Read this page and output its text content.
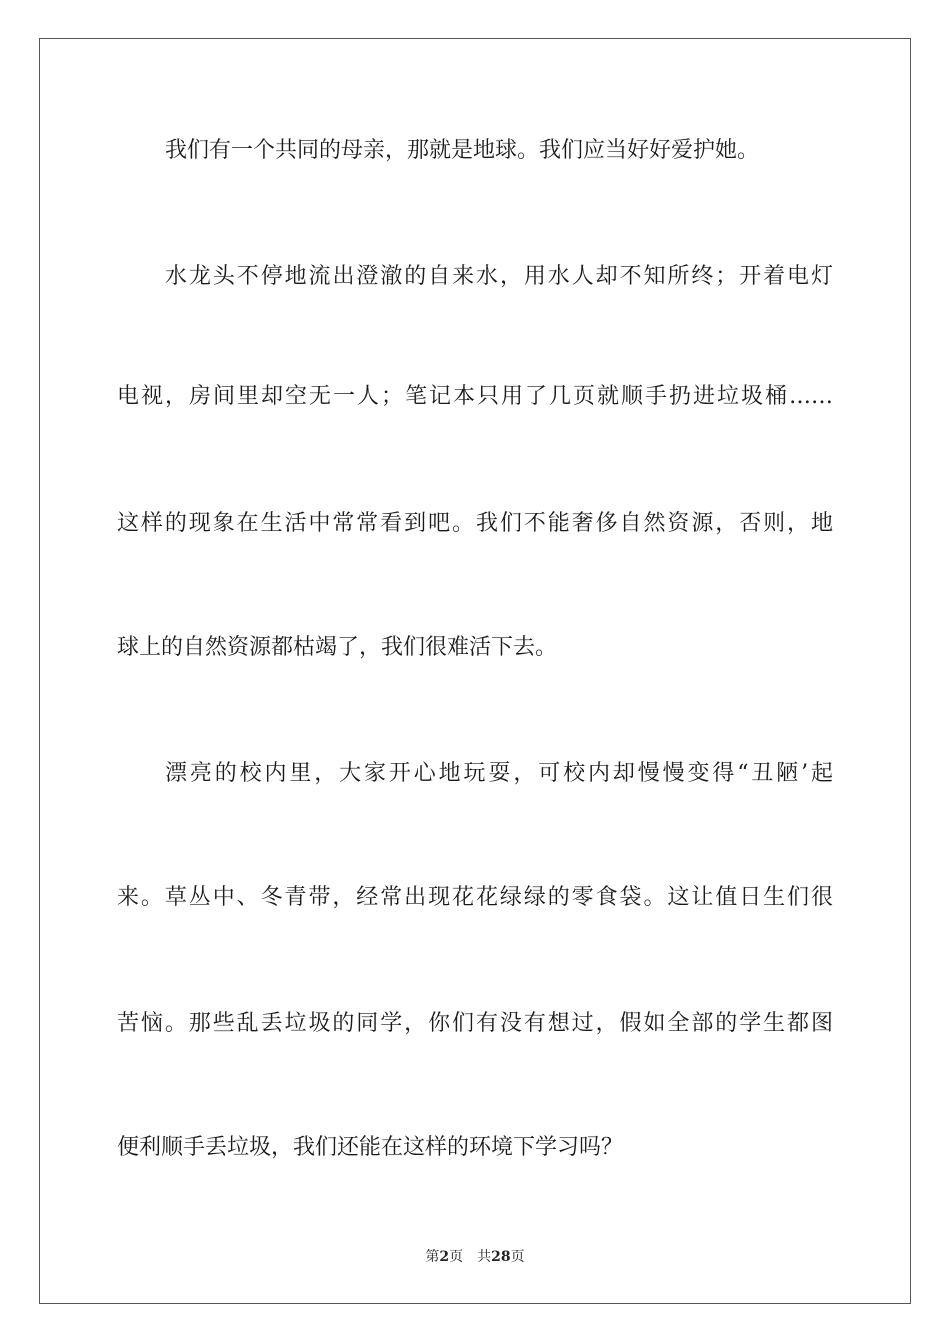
我们有一个共同的母亲，那就是地球。我们应当好好爱护她。
水龙头不停地流出澄澈的自来水，用水人却不知所终；开着电灯
电视，房间里却空无一人；笔记本只用了几页就顺手扔进垃圾桶……
这样的现象在生活中常常看到吧。我们不能奢侈自然资源，否则，地
球上的自然资源都枯竭了，我们很难活下去。
漂亮的校内里，大家开心地玩耍，可校内却慢慢变得“丑陋’起
来。草丛中、冬青带，经常出现花花绿绿的零食袋。这让值日生们很
苦恼。那些乱丢垃圾的同学，你们有没有想过，假如全部的学生都图
便利顺手丢垃圾，我们还能在这样的环境下学习吗？
第2页 共28页
